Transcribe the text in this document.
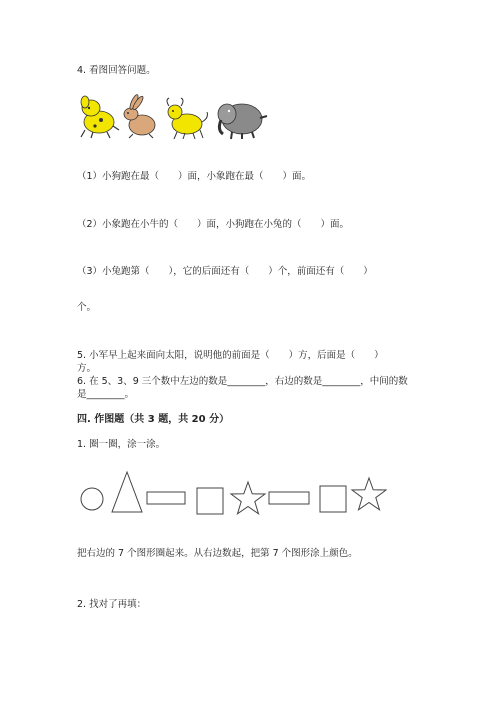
4. 看图回答问题。
（1）小狗跑在最（　　）面，小象跑在最（　　）面。
（2）小象跑在小牛的（　　）面，小狗跑在小兔的（　　）面。
（3）小兔跑第（　　），它的后面还有（　　）个，前面还有（　　）
个。
5. 小军早上起来面向太阳，说明他的前面是（　　）方，后面是（　　）
方。
6. 在 5、3、9 三个数中左边的数是________，右边的数是________，中间的数
是________。
四. 作图题（共 3 题，共 20 分）
1. 圈一圈，涂一涂。
把右边的 7 个图形圈起来。从右边数起，把第 7 个图形涂上颜色。
2. 找对了再填：
